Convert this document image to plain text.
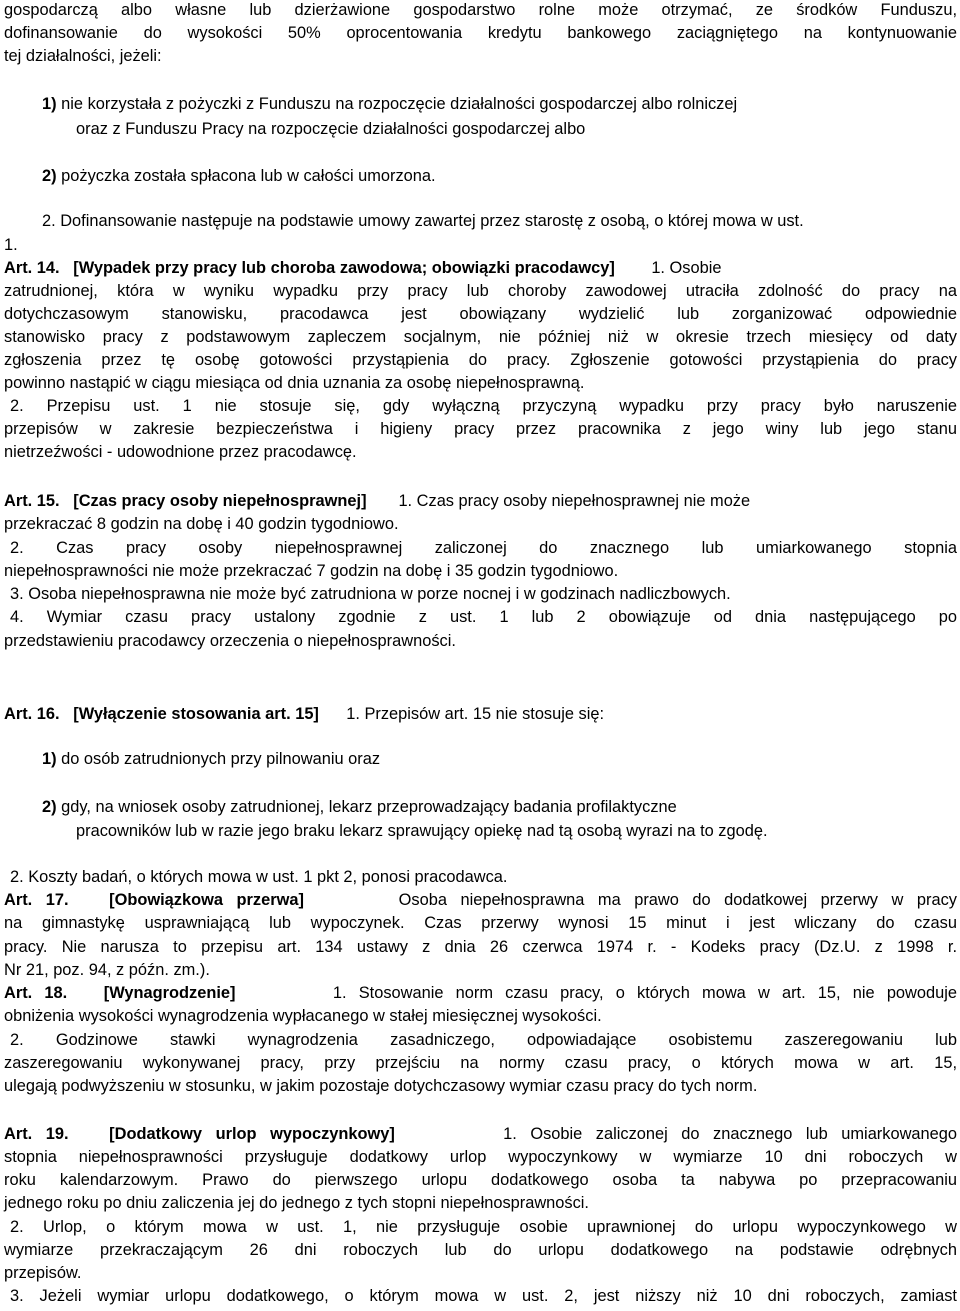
gospodarczą albo własne lub dzierżawione gospodarstwo rolne może otrzymać, ze środków Funduszu,

dofinansowanie do wysokości 50% oprocentowania kredytu bankowego zaciągniętego na kontynuowanie

tej działalności, jeżeli:

1) nie korzystała z pożyczki z Funduszu na rozpoczęcie działalności gospodarczej albo rolniczej

oraz z Funduszu Pracy na rozpoczęcie działalności gospodarczej albo

2) pożyczka została spłacona lub w całości umorzona.

2. Dofinansowanie następuje na podstawie umowy zawartej przez starostę z osobą, o której mowa w ust.

1.

Art. 14. [Wypadek przy pracy lub choroba zawodowa; obowiązki pracodawcy] 1. Osobie

zatrudnionej, która w wyniku wypadku przy pracy lub choroby zawodowej utraciła zdolność do pracy na

dotychczasowym stanowisku, pracodawca jest obowiązany wydzielić lub zorganizować odpowiednie

stanowisko pracy z podstawowym zapleczem socjalnym, nie później niż w okresie trzech miesięcy od daty

zgłoszenia przez tę osobę gotowości przystąpienia do pracy. Zgłoszenie gotowości przystąpienia do pracy

powinno nastąpić w ciągu miesiąca od dnia uznania za osobę niepełnosprawną.

2. Przepisu ust. 1 nie stosuje się, gdy wyłączną przyczyną wypadku przy pracy było naruszenie

przepisów w zakresie bezpieczeństwa i higieny pracy przez pracownika z jego winy lub jego stanu

nietrzeźwości - udowodnione przez pracodawcę.

Art. 15. [Czas pracy osoby niepełnosprawnej] 1. Czas pracy osoby niepełnosprawnej nie może

przekraczać 8 godzin na dobę i 40 godzin tygodniowo.

2. Czas pracy osoby niepełnosprawnej zaliczonej do znacznego lub umiarkowanego stopnia

niepełnosprawności nie może przekraczać 7 godzin na dobę i 35 godzin tygodniowo.

3. Osoba niepełnosprawna nie może być zatrudniona w porze nocnej i w godzinach nadliczbowych.

4. Wymiar czasu pracy ustalony zgodnie z ust. 1 lub 2 obowiązuje od dnia następującego po

przedstawieniu pracodawcy orzeczenia o niepełnosprawności.

Art. 16. [Wyłączenie stosowania art. 15] 1. Przepisów art. 15 nie stosuje się:

1) do osób zatrudnionych przy pilnowaniu oraz

2) gdy, na wniosek osoby zatrudnionej, lekarz przeprowadzający badania profilaktyczne

pracowników lub w razie jego braku lekarz sprawujący opiekę nad tą osobą wyrazi na to zgodę.

2. Koszty badań, o których mowa w ust. 1 pkt 2, ponosi pracodawca.

Art. 17. [Obowiązkowa przerwa]	Osoba niepełnosprawna ma prawo do dodatkowej przerwy w pracy

na gimnastykę usprawniającą lub wypoczynek. Czas przerwy wynosi 15 minut i jest wliczany do czasu

pracy. Nie narusza to przepisu art. 134 ustawy z dnia 26 czerwca 1974 r. - Kodeks pracy (Dz.U. z 1998 r.

Nr 21, poz. 94, z późn. zm.).

Art. 18. [Wynagrodzenie]	1. Stosowanie norm czasu pracy, o których mowa w art. 15, nie powoduje

obniżenia wysokości wynagrodzenia wypłacanego w stałej miesięcznej wysokości.

2. Godzinowe stawki wynagrodzenia zasadniczego, odpowiadające osobistemu zaszeregowaniu lub

zaszeregowaniu wykonywanej pracy, przy przejściu na normy czasu pracy, o których mowa w art. 15,

ulegają podwyższeniu w stosunku, w jakim pozostaje dotychczasowy wymiar czasu pracy do tych norm.

Art. 19. [Dodatkowy urlop wypoczynkowy]	1. Osobie zaliczonej do znacznego lub umiarkowanego

stopnia niepełnosprawności przysługuje dodatkowy urlop wypoczynkowy w wymiarze 10 dni roboczych w

roku kalendarzowym. Prawo do pierwszego urlopu dodatkowego osoba ta nabywa po przepracowaniu

jednego roku po dniu zaliczenia jej do jednego z tych stopni niepełnosprawności.

2. Urlop, o którym mowa w ust. 1, nie przysługuje osobie uprawnionej do urlopu wypoczynkowego w

wymiarze przekraczającym 26 dni roboczych lub do urlopu dodatkowego na podstawie odrębnych

przepisów.

3. Jeżeli wymiar urlopu dodatkowego, o którym mowa w ust. 2, jest niższy niż 10 dni roboczych, zamiast
